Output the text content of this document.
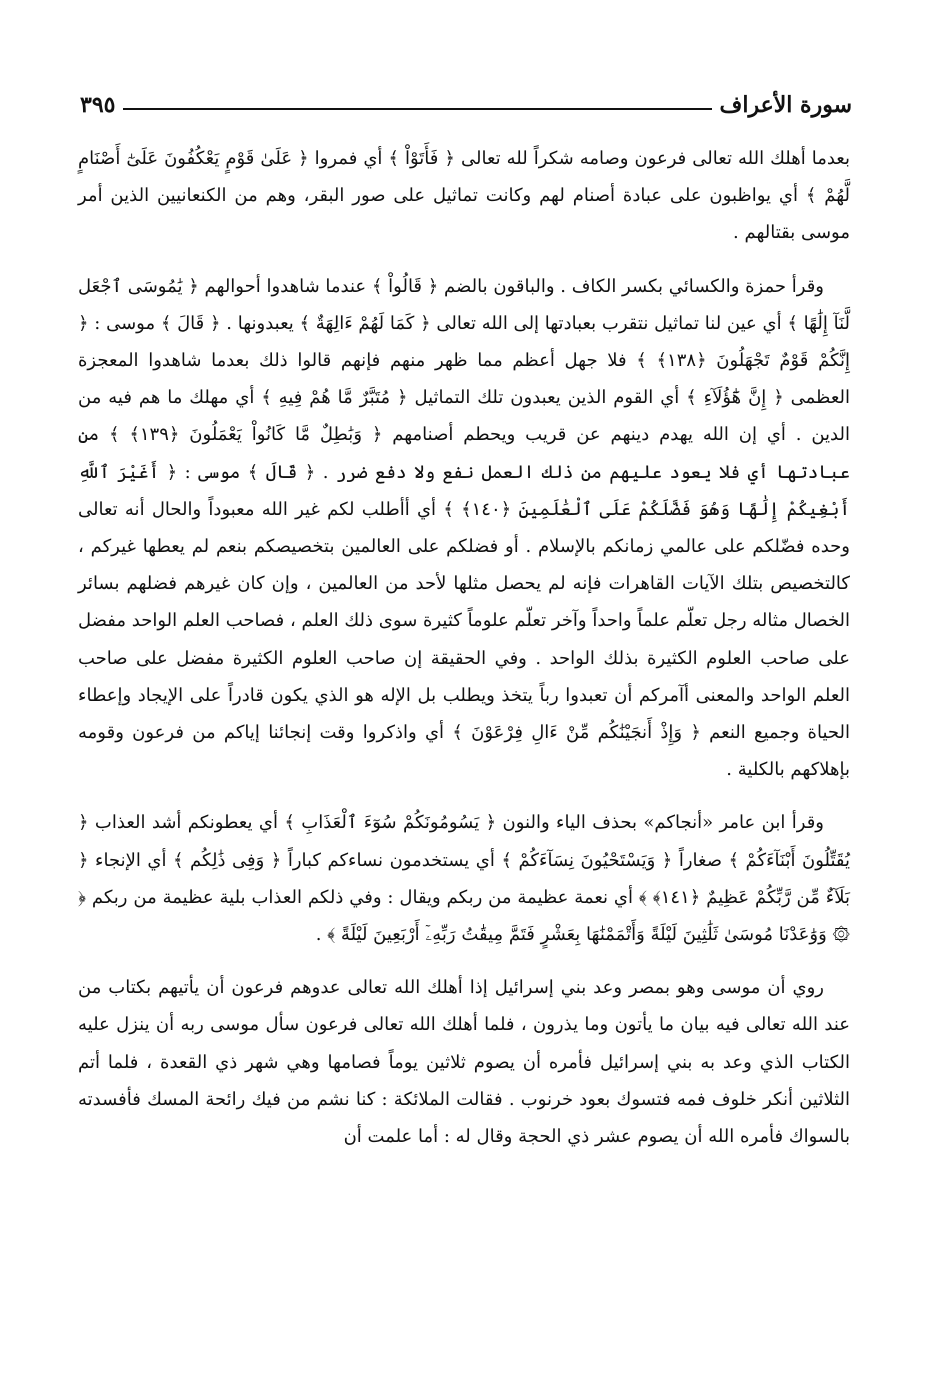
سورة الأعراف
٣٩٥

بعدما أهلك الله تعالى فرعون وصامه شكراً لله تعالى ﴿ فَأَتَوْاْ ﴾ أي فمروا ﴿ عَلَىٰ قَوْمٍ يَعْكُفُونَ عَلَىٰٓ أَصْنَامٍ لَّهُمْ ﴾ أي يواظبون على عبادة أصنام لهم وكانت تماثيل على صور البقر، وهم من الكنعانيين الذين أمر موسى بقتالهم .

وقرأ حمزة والكسائي بكسر الكاف . والباقون بالضم ﴿ قَالُواْ ﴾ عندما شاهدوا أحوالهم ﴿ يَٰمُوسَى ٱجْعَل لَّنَآ إِلَٰهًا ﴾ أي عين لنا تماثيل نتقرب بعبادتها إلى الله تعالى ﴿ كَمَا لَهُمْ ءَالِهَةٌ ﴾ يعبدونها . ﴿ قَالَ ﴾ موسى : ﴿ إِنَّكُمْ قَوْمٌ تَجْهَلُونَ ﴿١٣٨﴾ ﴾ فلا جهل أعظم مما ظهر منهم فإنهم قالوا ذلك بعدما شاهدوا المعجزة العظمى ﴿ إِنَّ هَٰٓؤُلَآءِ ﴾ أي القوم الذين يعبدون تلك التماثيل ﴿ مُتَبَّرٌ مَّا هُمْ فِيهِ ﴾ أي مهلك ما هم فيه من الدين . أي إن الله يهدم دينهم عن قريب ويحطم أصنامهم ﴿ وَبَٰطِلٌ مَّا كَانُواْ يَعْمَلُونَ ﴿١٣٩﴾ ﴾ من عبادتها أي فلا يعود عليهم من ذلك العمل نفع ولا دفع ضرر . ﴿ قَالَ ﴾ موسى : ﴿ أَغَيْرَ ٱللَّهِ أَبْغِيكُمْ إِلَٰهًا وَهُوَ فَضَّلَكُمْ عَلَى ٱلْعَٰلَمِينَ ﴿١٤٠﴾ ﴾ أي أأطلب لكم غير الله معبوداً والحال أنه تعالى وحده فضّلكم على عالمي زمانكم بالإسلام . أو فضلكم على العالمين بتخصيصكم بنعم لم يعطها غيركم ، كالتخصيص بتلك الآيات القاهرات فإنه لم يحصل مثلها لأحد من العالمين ، وإن كان غيرهم فضلهم بسائر الخصال مثاله رجل تعلّم علماً واحداً وآخر تعلّم علوماً كثيرة سوى ذلك العلم ، فصاحب العلم الواحد مفضل على صاحب العلوم الكثيرة بذلك الواحد . وفي الحقيقة إن صاحب العلوم الكثيرة مفضل على صاحب العلم الواحد والمعنى أآمركم أن تعبدوا رباً يتخذ ويطلب بل الإله هو الذي يكون قادراً على الإيجاد وإعطاء الحياة وجميع النعم ﴿ وَإِذْ أَنجَيْنَٰكُم مِّنْ ءَالِ فِرْعَوْنَ ﴾ أي واذكروا وقت إنجائنا إياكم من فرعون وقومه بإهلاكهم بالكلية .

وقرأ ابن عامر «أنجاكم» بحذف الياء والنون ﴿ يَسُومُونَكُمْ سُوٓءَ ٱلْعَذَابِ ﴾ أي يعطونكم أشد العذاب ﴿ يُقَتِّلُونَ أَبْنَآءَكُمْ ﴾ صغاراً ﴿ وَيَسْتَحْيُونَ نِسَآءَكُمْ ﴾ أي يستخدمون نساءكم كباراً ﴿ وَفِى ذَٰلِكُم ﴾ أي الإنجاء ﴿ بَلَآءٌ مِّن رَّبِّكُمْ عَظِيمٌ ﴿١٤١﴾ ﴾ أي نعمة عظيمة من ربكم ويقال : وفي ذلكم العذاب بلية عظيمة من ربكم ﴿ ۞ وَوَٰعَدْنَا مُوسَىٰ ثَلَٰثِينَ لَيْلَةً وَأَتْمَمْنَٰهَا بِعَشْرٍ فَتَمَّ مِيقَٰتُ رَبِّهِۦٓ أَرْبَعِينَ لَيْلَةً ﴾ .

روي أن موسى وهو بمصر وعد بني إسرائيل إذا أهلك الله تعالى عدوهم فرعون أن يأتيهم بكتاب من عند الله تعالى فيه بيان ما يأتون وما يذرون ، فلما أهلك الله تعالى فرعون سأل موسى ربه أن ينزل عليه الكتاب الذي وعد به بني إسرائيل فأمره أن يصوم ثلاثين يوماً فصامها وهي شهر ذي القعدة ، فلما أتم الثلاثين أنكر خلوف فمه فتسوك بعود خرنوب . فقالت الملائكة : كنا نشم من فيك رائحة المسك فأفسدته بالسواك فأمره الله أن يصوم عشر ذي الحجة وقال له : أما علمت أن
